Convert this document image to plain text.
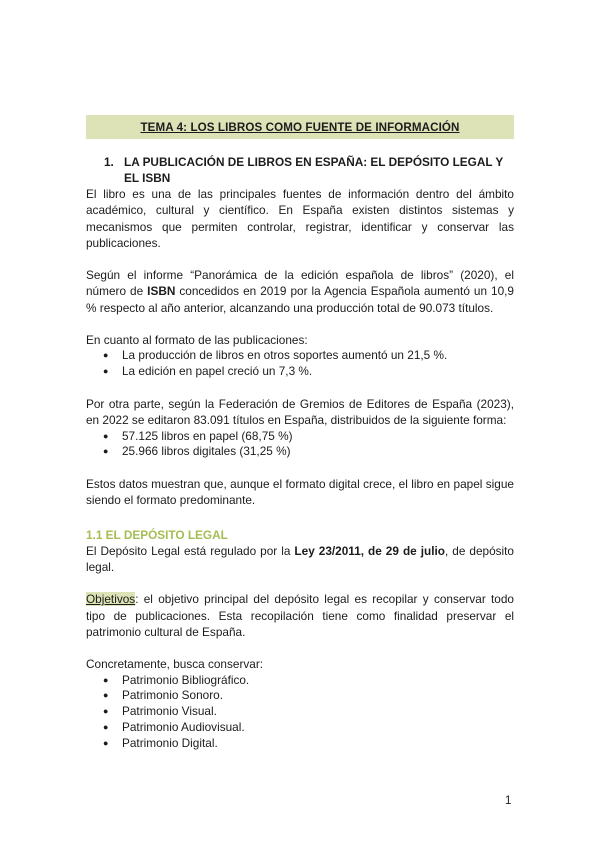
TEMA 4: LOS LIBROS COMO FUENTE DE INFORMACIÓN
1. LA PUBLICACIÓN DE LIBROS EN ESPAÑA: EL DEPÓSITO LEGAL Y EL ISBN

El libro es una de las principales fuentes de información dentro del ámbito académico, cultural y científico. En España existen distintos sistemas y mecanismos que permiten controlar, registrar, identificar y conservar las publicaciones.

Según el informe “Panorámica de la edición española de libros” (2020), el número de ISBN concedidos en 2019 por la Agencia Española aumentó un 10,9 % respecto al año anterior, alcanzando una producción total de 90.073 títulos.

En cuanto al formato de las publicaciones:

● La producción de libros en otros soportes aumentó un 21,5 %.
● La edición en papel creció un 7,3 %.

Por otra parte, según la Federación de Gremios de Editores de España (2023), en 2022 se editaron 83.091 títulos en España, distribuidos de la siguiente forma:

● 57.125 libros en papel (68,75 %)
● 25.966 libros digitales (31,25 %)

Estos datos muestran que, aunque el formato digital crece, el libro en papel sigue siendo el formato predominante.

1.1 EL DEPÓSITO LEGAL

El Depósito Legal está regulado por la Ley 23/2011, de 29 de julio, de depósito legal.

Objetivos: el objetivo principal del depósito legal es recopilar y conservar todo tipo de publicaciones. Esta recopilación tiene como finalidad preservar el patrimonio cultural de España.

Concretamente, busca conservar:

● Patrimonio Bibliográfico.
● Patrimonio Sonoro.
● Patrimonio Visual.
● Patrimonio Audiovisual.
● Patrimonio Digital.
1
